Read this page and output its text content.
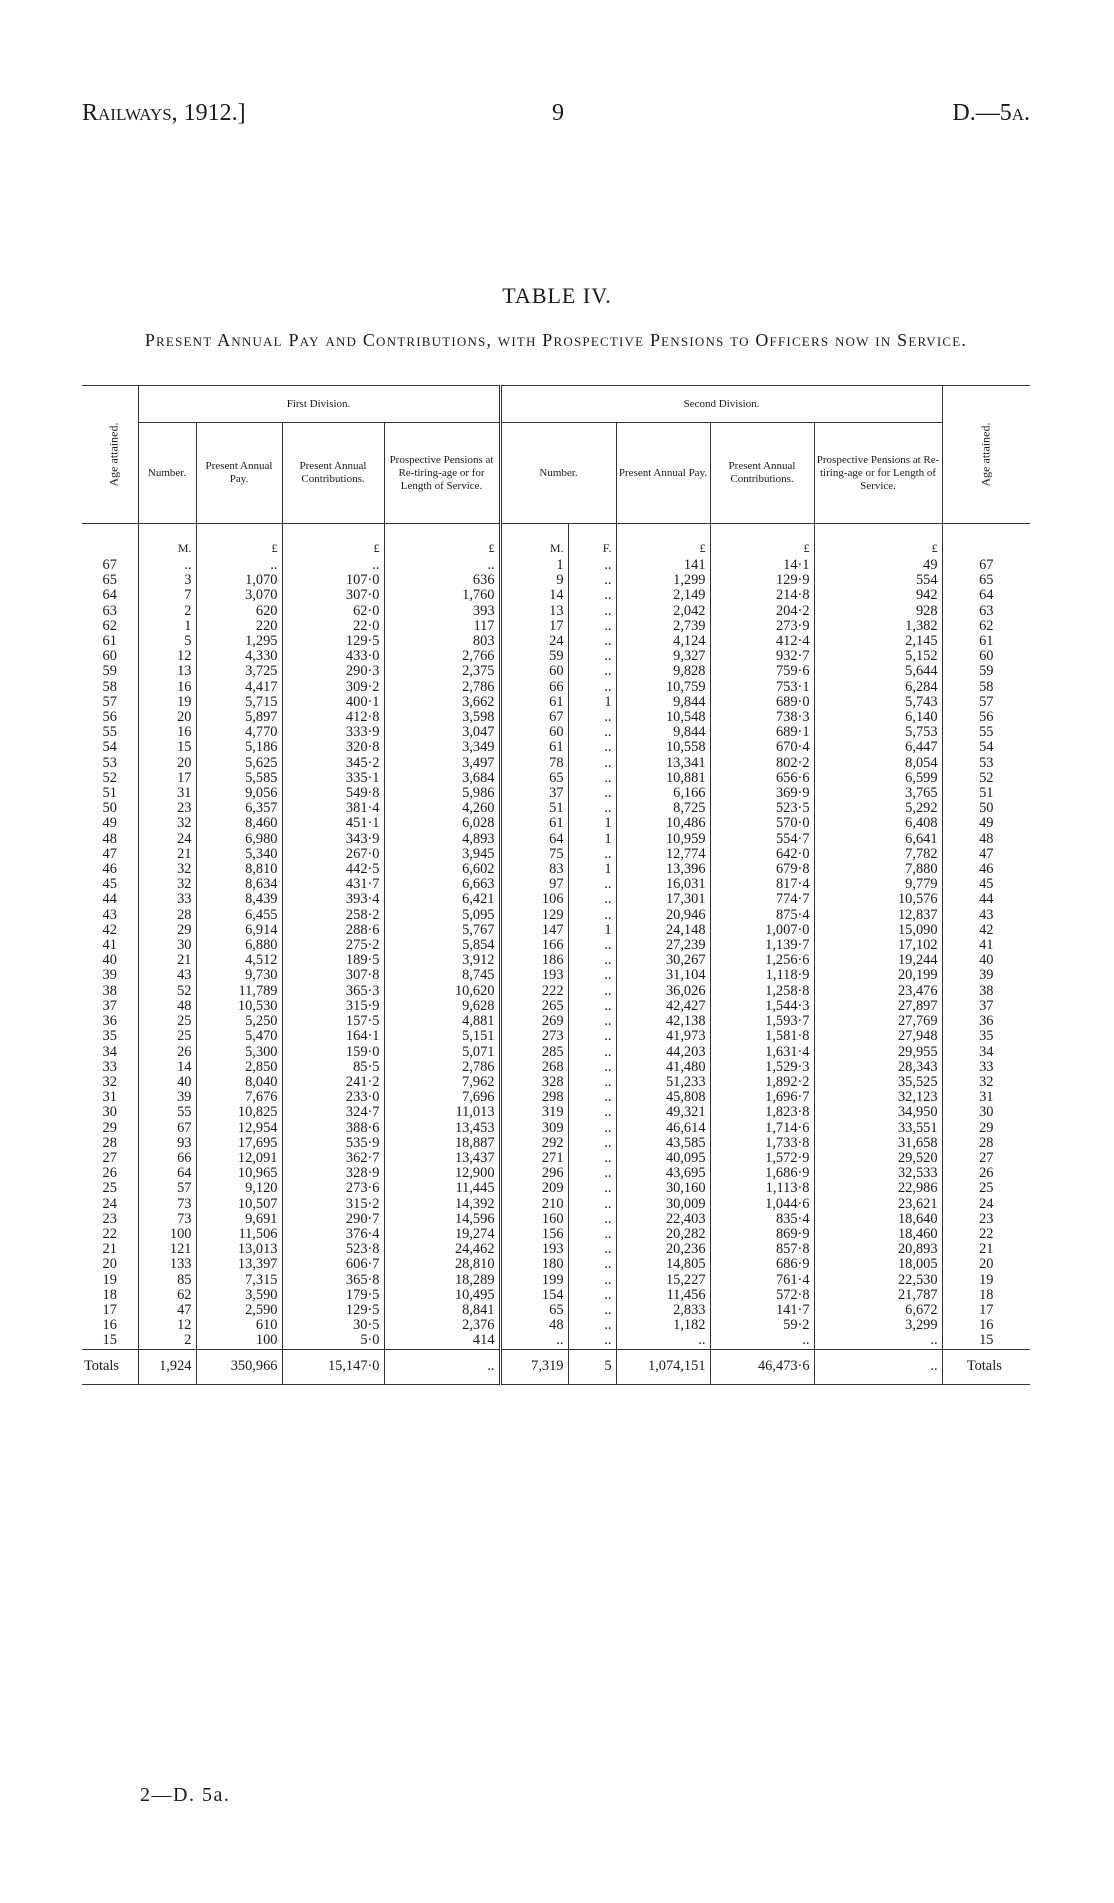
Railways, 1912.]	9	D.—5a.
TABLE IV.
Present Annual Pay and Contributions, with Prospective Pensions to Officers now in Service.
Age attained.	First Division.				Second Division.					Age attained.
	Number.	Present Annual Pay.	Present Annual Contributions.	Prospective Pensions at Re-tiring-age or for Length of Service.	Number.		Present Annual Pay.	Present Annual Contributions.	Prospective Pensions at Re-tiring-age or for Length of Service.	
	M.	£	£	£	M.	F.	£	£	£	
67	..	..	..	..	1	..	141	14·1	49	67
65	3	1,070	107·0	636	9	..	1,299	129·9	554	65
64	7	3,070	307·0	1,760	14	..	2,149	214·8	942	64
63	2	620	62·0	393	13	..	2,042	204·2	928	63
62	1	220	22·0	117	17	..	2,739	273·9	1,382	62
61	5	1,295	129·5	803	24	..	4,124	412·4	2,145	61
60	12	4,330	433·0	2,766	59	..	9,327	932·7	5,152	60
59	13	3,725	290·3	2,375	60	..	9,828	759·6	5,644	59
58	16	4,417	309·2	2,786	66	..	10,759	753·1	6,284	58
57	19	5,715	400·1	3,662	61	1	9,844	689·0	5,743	57
56	20	5,897	412·8	3,598	67	..	10,548	738·3	6,140	56
55	16	4,770	333·9	3,047	60	..	9,844	689·1	5,753	55
54	15	5,186	320·8	3,349	61	..	10,558	670·4	6,447	54
53	20	5,625	345·2	3,497	78	..	13,341	802·2	8,054	53
52	17	5,585	335·1	3,684	65	..	10,881	656·6	6,599	52
51	31	9,056	549·8	5,986	37	..	6,166	369·9	3,765	51
50	23	6,357	381·4	4,260	51	..	8,725	523·5	5,292	50
49	32	8,460	451·1	6,028	61	1	10,486	570·0	6,408	49
48	24	6,980	343·9	4,893	64	1	10,959	554·7	6,641	48
47	21	5,340	267·0	3,945	75	..	12,774	642·0	7,782	47
46	32	8,810	442·5	6,602	83	1	13,396	679·8	7,880	46
45	32	8,634	431·7	6,663	97	..	16,031	817·4	9,779	45
44	33	8,439	393·4	6,421	106	..	17,301	774·7	10,576	44
43	28	6,455	258·2	5,095	129	..	20,946	875·4	12,837	43
42	29	6,914	288·6	5,767	147	1	24,148	1,007·0	15,090	42
41	30	6,880	275·2	5,854	166	..	27,239	1,139·7	17,102	41
40	21	4,512	189·5	3,912	186	..	30,267	1,256·6	19,244	40
39	43	9,730	307·8	8,745	193	..	31,104	1,118·9	20,199	39
38	52	11,789	365·3	10,620	222	..	36,026	1,258·8	23,476	38
37	48	10,530	315·9	9,628	265	..	42,427	1,544·3	27,897	37
36	25	5,250	157·5	4,881	269	..	42,138	1,593·7	27,769	36
35	25	5,470	164·1	5,151	273	..	41,973	1,581·8	27,948	35
34	26	5,300	159·0	5,071	285	..	44,203	1,631·4	29,955	34
33	14	2,850	85·5	2,786	268	..	41,480	1,529·3	28,343	33
32	40	8,040	241·2	7,962	328	..	51,233	1,892·2	35,525	32
31	39	7,676	233·0	7,696	298	..	45,808	1,696·7	32,123	31
30	55	10,825	324·7	11,013	319	..	49,321	1,823·8	34,950	30
29	67	12,954	388·6	13,453	309	..	46,614	1,714·6	33,551	29
28	93	17,695	535·9	18,887	292	..	43,585	1,733·8	31,658	28
27	66	12,091	362·7	13,437	271	..	40,095	1,572·9	29,520	27
26	64	10,965	328·9	12,900	296	..	43,695	1,686·9	32,533	26
25	57	9,120	273·6	11,445	209	..	30,160	1,113·8	22,986	25
24	73	10,507	315·2	14,392	210	..	30,009	1,044·6	23,621	24
23	73	9,691	290·7	14,596	160	..	22,403	835·4	18,640	23
22	100	11,506	376·4	19,274	156	..	20,282	869·9	18,460	22
21	121	13,013	523·8	24,462	193	..	20,236	857·8	20,893	21
20	133	13,397	606·7	28,810	180	..	14,805	686·9	18,005	20
19	85	7,315	365·8	18,289	199	..	15,227	761·4	22,530	19
18	62	3,590	179·5	10,495	154	..	11,456	572·8	21,787	18
17	47	2,590	129·5	8,841	65	..	2,833	141·7	6,672	17
16	12	610	30·5	2,376	48	..	1,182	59·2	3,299	16
15	2	100	5·0	414	..	..	..	..	..	15
Totals	1,924	350,966	15,147·0	..	7,319	5	1,074,151	46,473·6	..	Totals
2—D. 5a.
